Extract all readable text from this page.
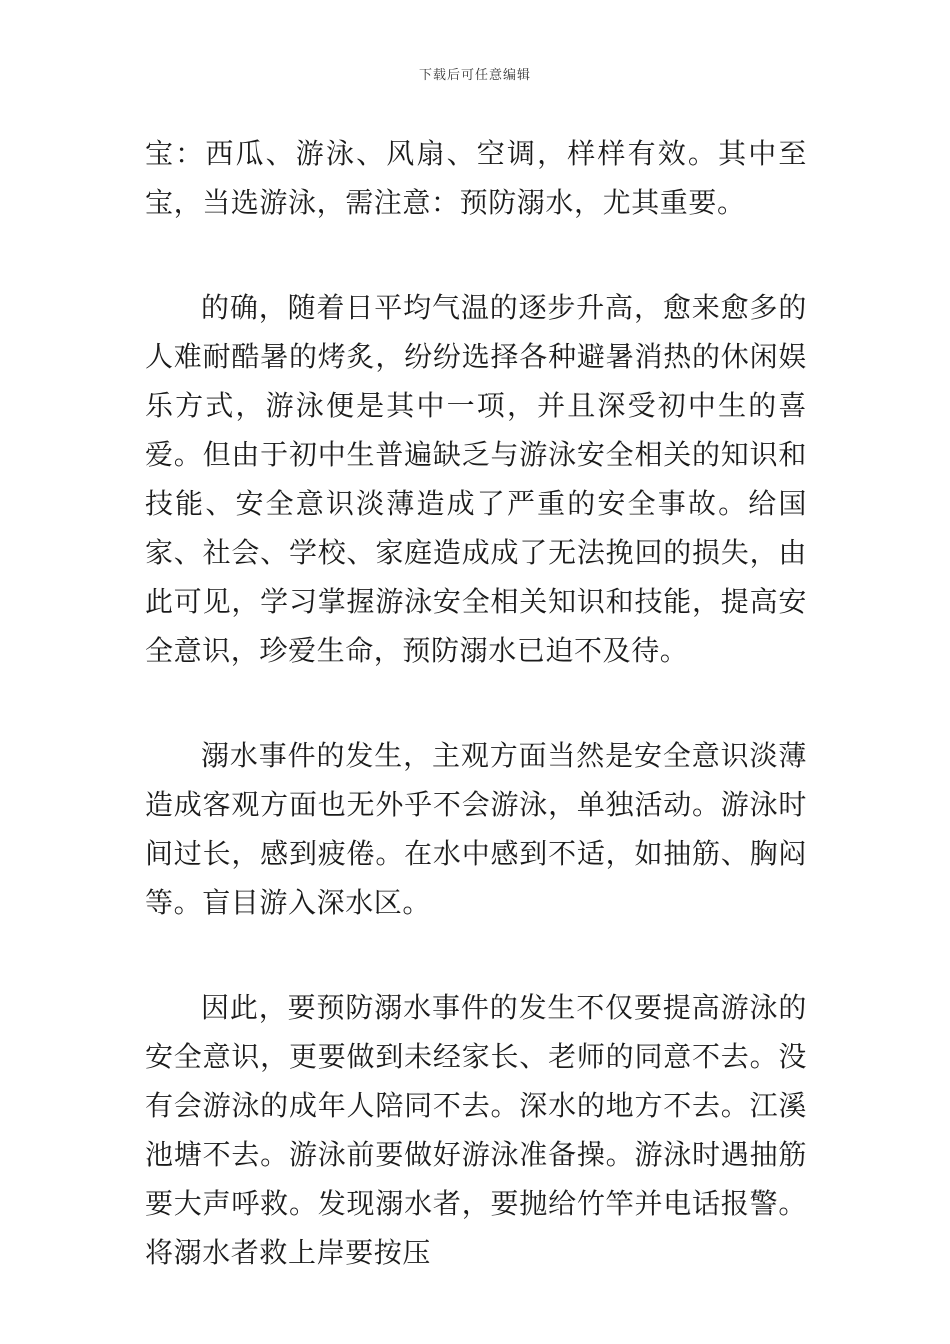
下载后可任意编辑

宝：西瓜、游泳、风扇、空调，样样有效。其中至宝，当选游泳，需注意：预防溺水，尤其重要。

的确，随着日平均气温的逐步升高，愈来愈多的人难耐酷暑的烤炙，纷纷选择各种避暑消热的休闲娱乐方式，游泳便是其中一项，并且深受初中生的喜爱。但由于初中生普遍缺乏与游泳安全相关的知识和技能、安全意识淡薄造成了严重的安全事故。给国家、社会、学校、家庭造成成了无法挽回的损失，由此可见，学习掌握游泳安全相关知识和技能，提高安全意识，珍爱生命，预防溺水已迫不及待。

溺水事件的发生，主观方面当然是安全意识淡薄造成客观方面也无外乎不会游泳，单独活动。游泳时间过长，感到疲倦。在水中感到不适，如抽筋、胸闷等。盲目游入深水区。

因此，要预防溺水事件的发生不仅要提高游泳的安全意识，更要做到未经家长、老师的同意不去。没有会游泳的成年人陪同不去。深水的地方不去。江溪池塘不去。游泳前要做好游泳准备操。游泳时遇抽筋要大声呼救。发现溺水者，要抛给竹竿并电话报警。将溺水者救上岸要按压
